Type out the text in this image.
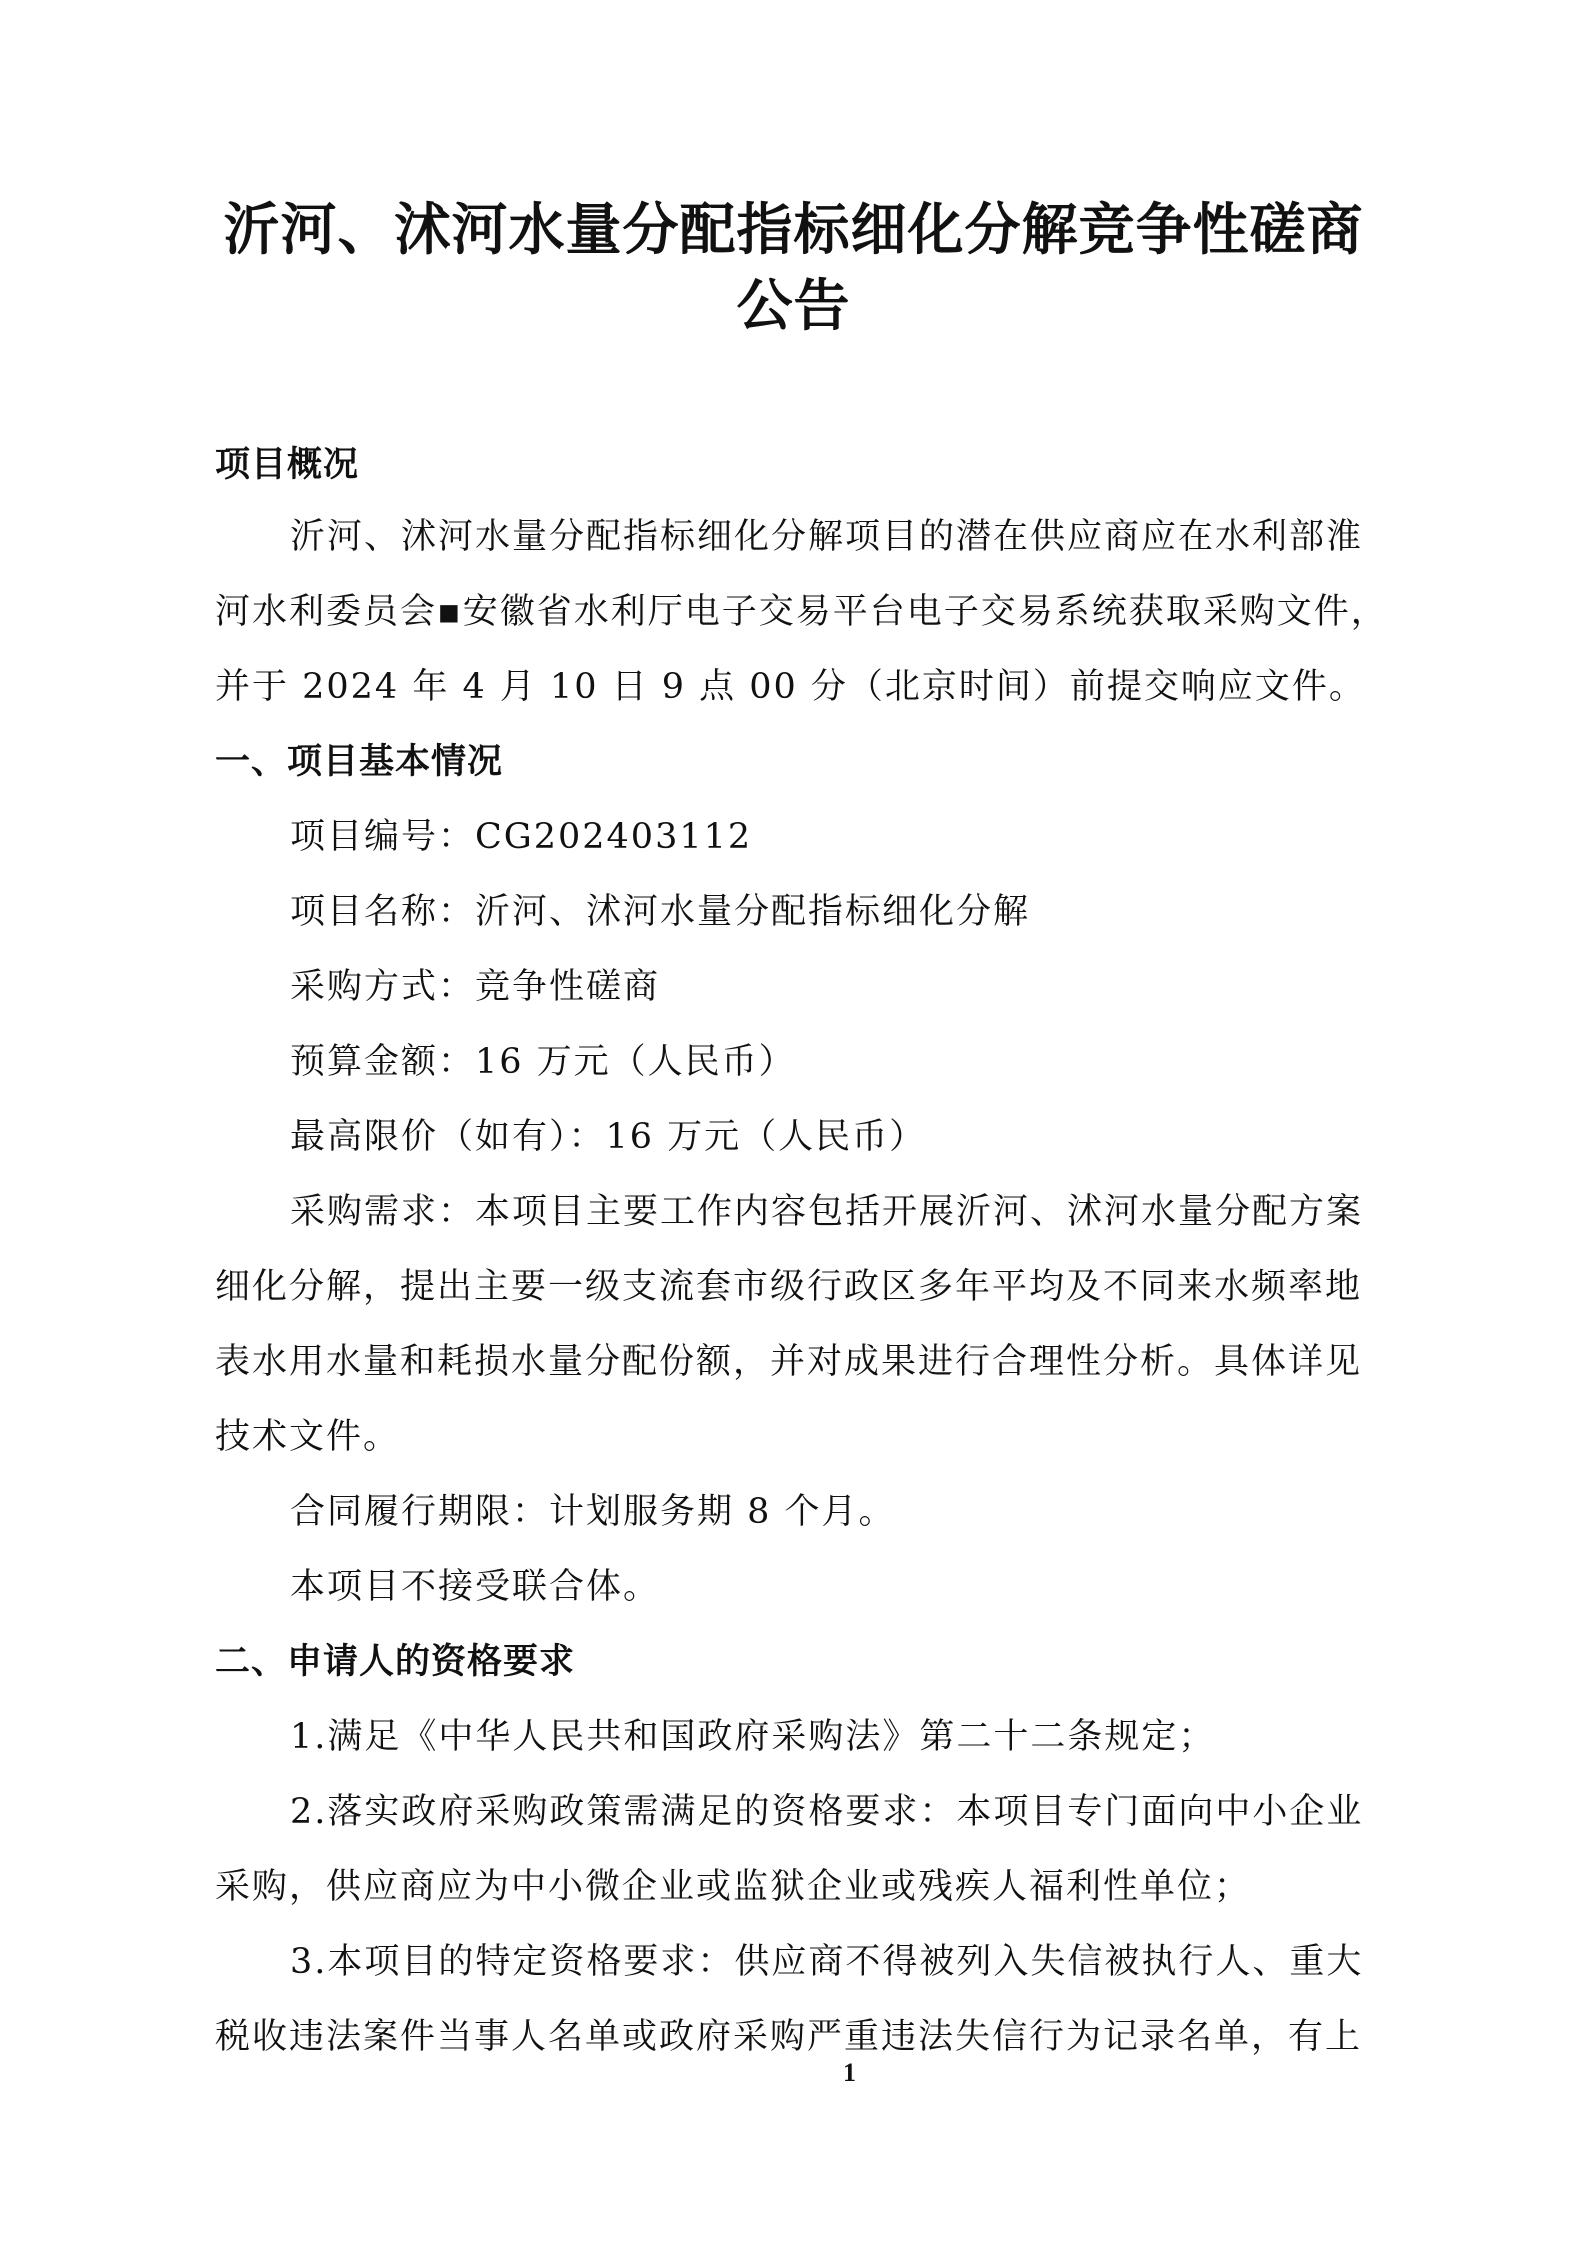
沂河、沭河水量分配指标细化分解竞争性磋商
公告
项目概况
沂河、沭河水量分配指标细化分解项目的潜在供应商应在水利部淮
河水利委员会▪安徽省水利厅电子交易平台电子交易系统获取采购文件，
并于 2024 年 4 月 10 日 9 点 00 分（北京时间）前提交响应文件。
一、项目基本情况
项目编号：CG202403112
项目名称：沂河、沭河水量分配指标细化分解
采购方式：竞争性磋商
预算金额：16 万元（人民币）
最高限价（如有）：16 万元（人民币）
采购需求：本项目主要工作内容包括开展沂河、沭河水量分配方案
细化分解，提出主要一级支流套市级行政区多年平均及不同来水频率地
表水用水量和耗损水量分配份额，并对成果进行合理性分析。具体详见
技术文件。
合同履行期限：计划服务期 8 个月。
本项目不接受联合体。
二、申请人的资格要求
1.满足《中华人民共和国政府采购法》第二十二条规定；
2.落实政府采购政策需满足的资格要求：本项目专门面向中小企业
采购，供应商应为中小微企业或监狱企业或残疾人福利性单位；
3.本项目的特定资格要求：供应商不得被列入失信被执行人、重大
税收违法案件当事人名单或政府采购严重违法失信行为记录名单，有上
1
